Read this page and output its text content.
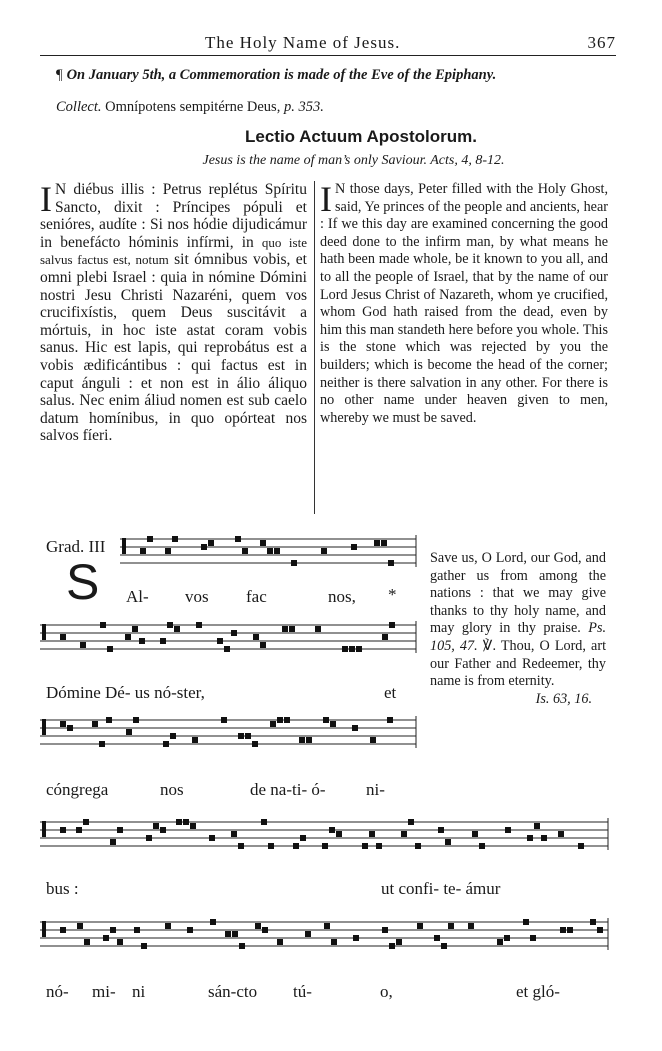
The Holy Name of Jesus.	367
¶ On January 5th, a Commemoration is made of the Eve of the Epiphany.
Collect. Omnípotens sempitérne Deus, p. 353.
Lectio Actuum Apostolorum.
Jesus is the name of man’s only Saviour. Acts, 4, 8-12.
I N diébus illis : Petrus replétus Spíritu Sancto, dixit : Príncipes pópuli et senióres, audíte : Si nos hódie dijudicámur in benefácto hóminis infírmi, in quo iste salvus factus est, notum sit ómnibus vobis, et omni plebi Israel : quia in nómine Dómini nostri Jesu Christi Nazaréni, quem vos crucifixístis, quem Deus suscitávit a mórtuis, in hoc iste astat coram vobis sanus. Hic est lapis, qui reprobátus est a vobis ædificántibus : qui factus est in caput ánguli : et non est in álio áliquo salus. Nec enim áliud nomen est sub caelo datum homínibus, in quo opórteat nos salvos fíeri.

I N those days, Peter filled with the Holy Ghost, said, Ye princes of the people and ancients, hear : If we this day are examined concerning the good deed done to the infirm man, by what means he hath been made whole, be it known to you all, and to all the people of Israel, that by the name of our Lord Jesus Christ of Nazareth, whom ye crucified, whom God hath raised from the dead, even by him this man standeth here before you whole. This is the stone which was rejected by you the builders; which is become the head of the corner; neither is there salvation in any other. For there is no other name under heaven given to men, whereby we must be saved.

Grad. III
S Al- vos fac	nos, *
Dómine Dé- us nó-ster,	et
cóngrega	nos	de na-ti- ó- ni-
bus :	ut confi- te- ámur
nó- mi- ni	sán-cto tú-	o,	et gló-

Save us, O Lord, our God, and gather us from among the nations : that we may give thanks to thy holy name, and may glory in thy praise. Ps. 105, 47. ℣. Thou, O Lord, art our Father and Redeemer, thy name is from eternity.

Is. 63, 16.
